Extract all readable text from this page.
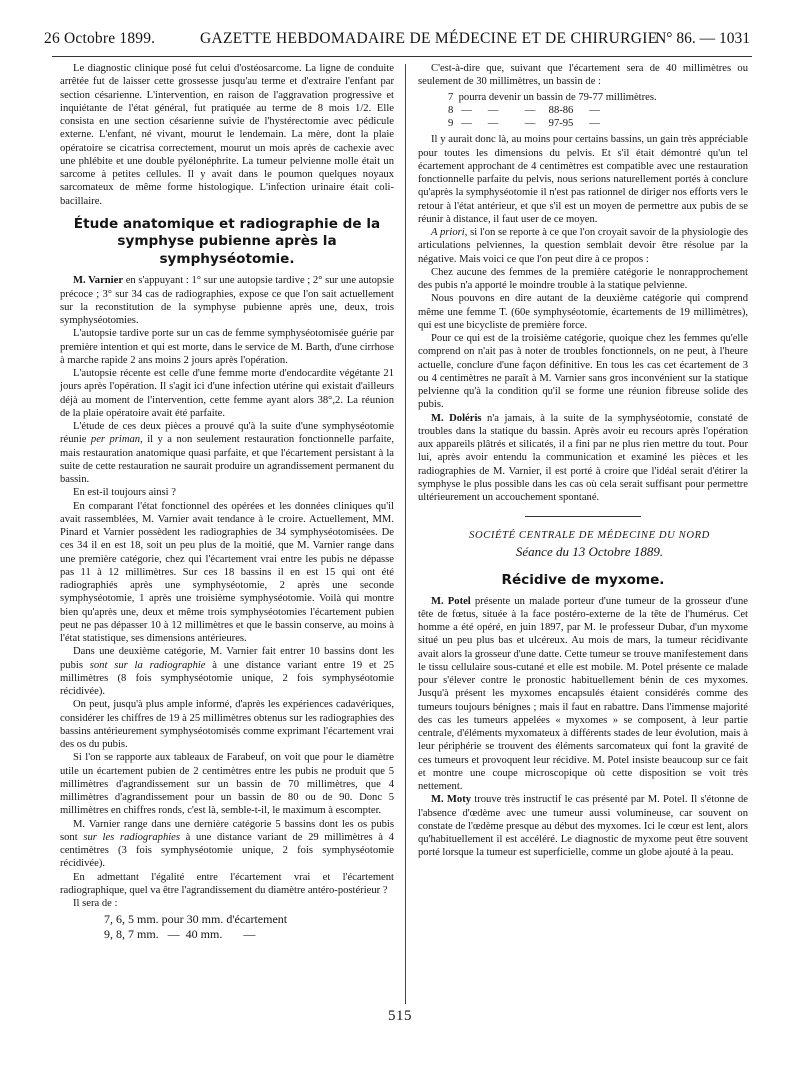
26 Octobre 1899.	GAZETTE HEBDOMADAIRE DE MÉDECINE ET DE CHIRURGIE
N° 86. — 1031

Le diagnostic clinique posé fut celui d'ostéosarcome. La ligne de conduite arrêtée fut de laisser cette grossesse jusqu'au terme et d'extraire l'enfant par section césarienne. L'intervention, en raison de l'aggravation progressive et inquiétante de l'état général, fut pratiquée au terme de 8 mois 1/2. Elle consista en une section césarienne suivie de l'hystérectomie avec pédicule externe. L'enfant, né vivant, mourut le lendemain. La mère, dont la plaie opératoire se cicatrisa correctement, mourut un mois après de cachexie avec une phlébite et une double pyélonéphrite. La tumeur pelvienne molle était un sarcome à petites cellules. Il y avait dans le poumon quelques noyaux sarcomateux de même forme histologique. L'infection urinaire était coli-bacillaire.

Étude anatomique et radiographie de la symphyse pubienne après la symphyséotomie.

M. Varnier en s'appuyant : 1° sur une autopsie tardive ; 2° sur une autopsie précoce ; 3° sur 34 cas de radiographies, expose ce que l'on sait actuellement sur la reconstitution de la symphyse pubienne après une, deux, trois symphyséotomies.

L'autopsie tardive porte sur un cas de femme symphyséotomisée guérie par première intention et qui est morte, dans le service de M. Barth, d'une cirrhose à marche rapide 2 ans moins 2 jours après l'opération.

L'autopsie récente est celle d'une femme morte d'endocardite végétante 21 jours après l'opération. Il s'agit ici d'une infection utérine qui existait d'ailleurs déjà au moment de l'intervention, cette femme ayant alors 38°,2. La réunion de la plaie opératoire avait été parfaite.

L'étude de ces deux pièces a prouvé qu'à la suite d'une symphyséotomie réunie per priman, il y a non seulement restauration fonctionnelle parfaite, mais restauration anatomique quasi parfaite, et que l'écartement persistant à la suite de cette restauration ne saurait produire un agrandissement permanent du bassin.

En est-il toujours ainsi ?

En comparant l'état fonctionnel des opérées et les données cliniques qu'il avait rassemblées, M. Varnier avait tendance à le croire. Actuellement, MM. Pinard et Varnier possèdent les radiographies de 34 symphyséotomisées. De ces 34 il en est 18, soit un peu plus de la moitié, que M. Varnier range dans une première catégorie, chez qui l'écartement vrai entre les pubis ne dépasse pas 11 à 12 millimètres. Sur ces 18 bassins il en est 15 qui ont été radiographiés après une symphyséotomie, 2 après une seconde symphyséotomie, 1 après une troisième symphyséotomie. Voilà qui montre bien qu'après une, deux et même trois symphyséotomies l'écartement pubien peut ne pas dépasser 10 à 12 millimètres et que le bassin conserve, au moins à l'état statistique, ses dimensions antérieures.

Dans une deuxième catégorie, M. Varnier fait entrer 10 bassins dont les pubis sont sur la radiographie à une distance variant entre 19 et 25 millimètres (8 fois symphyséotomie unique, 2 fois symphyséotomie récidivée).

On peut, jusqu'à plus ample informé, d'après les expériences cadavériques, considérer les chiffres de 19 à 25 millimètres obtenus sur les radiographies des bassins antérieurement symphyséotomisés comme exprimant l'écartement vrai des os du pubis.

Si l'on se rapporte aux tableaux de Farabeuf, on voit que pour le diamètre utile un écartement pubien de 2 centimètres entre les pubis ne produit que 5 millimètres d'agrandissement sur un bassin de 70 millimètres, que 4 millimètres d'agrandissement pour un bassin de 80 ou de 90. Donc 5 millimètres en chiffres ronds, c'est là, semble-t-il, le maximum à escompter.

M. Varnier range dans une dernière catégorie 5 bassins dont les os pubis sont sur les radiographies à une distance variant de 29 millimètres à 4 centimètres (3 fois symphyséotomie unique, 2 fois symphyséotomie récidivée).

En admettant l'égalité entre l'écartement vrai et l'écartement radiographique, quel va être l'agrandissement du diamètre antéro-postérieur ?

Il sera de :

7, 6, 5 mm. pour 30 mm. d'écartement
9, 8, 7 mm.   —  40 mm.       —

C'est-à-dire que, suivant que l'écartement sera de 40 millimètres ou seulement de 30 millimètres, un bassin de :

7  pourra devenir un bassin de 79-77 millimètres.
8   —      —          —     88-86      —
9   —      —          —     97-95      —

Il y aurait donc là, au moins pour certains bassins, un gain très appréciable pour toutes les dimensions du pelvis. Et s'il était démontré qu'un tel écartement approchant de 4 centimètres est compatible avec une restauration fonctionnelle parfaite du pelvis, nous serions naturellement portés à conclure qu'après la symphyséotomie il n'est pas rationnel de diriger nos efforts vers le retour à l'état antérieur, et que s'il est un moyen de permettre aux pubis de se réunir à distance, il faut user de ce moyen.

A priori, si l'on se reporte à ce que l'on croyait savoir de la physiologie des articulations pelviennes, la question semblait devoir être résolue par la négative. Mais voici ce que l'on peut dire à ce propos :

Chez aucune des femmes de la première catégorie le nonrapprochement des pubis n'a apporté le moindre trouble à la statique pelvienne.

Nous pouvons en dire autant de la deuxième catégorie qui comprend même une femme T. (60e symphyséotomie, écartements de 19 millimètres), qui est une bicycliste de première force.

Pour ce qui est de la troisième catégorie, quoique chez les femmes qu'elle comprend on n'ait pas à noter de troubles fonctionnels, on ne peut, à l'heure actuelle, conclure d'une façon définitive. En tous les cas cet écartement de 3 ou 4 centimètres ne paraît à M. Varnier sans gros inconvénient sur la statique pelvienne qu'à la condition qu'il se forme une réunion fibreuse solide des pubis.

M. Doléris n'a jamais, à la suite de la symphyséotomie, constaté de troubles dans la statique du bassin. Après avoir eu recours après l'opération aux appareils plâtrés et silicatés, il a fini par ne plus rien mettre du tout. Pour lui, après avoir entendu la communication et examiné les pièces et les radiographies de M. Varnier, il est porté à croire que l'idéal serait d'étirer la symphyse le plus possible dans les cas où cela serait suffisant pour permettre ultérieurement un accouchement spontané.

SOCIÉTÉ CENTRALE DE MÉDECINE DU NORD

Séance du 13 Octobre 1889.

Récidive de myxome.

M. Potel présente un malade porteur d'une tumeur de la grosseur d'une tête de fœtus, située à la face postéro-externe de la tête de l'humérus. Cet homme a été opéré, en juin 1897, par M. le professeur Dubar, d'un myxome situé un peu plus bas et ulcéreux. Au mois de mars, la tumeur récidivante avait alors la grosseur d'une datte. Cette tumeur se trouve manifestement dans le tissu cellulaire sous-cutané et elle est mobile. M. Potel présente ce malade pour s'élever contre le pronostic habituellement bénin de ces myxomes. Jusqu'à présent les myxomes encapsulés étaient considérés comme des tumeurs toujours bénignes ; mais il faut en rabattre. Dans l'immense majorité des cas les tumeurs appelées « myxomes » se composent, à leur partie centrale, d'éléments myxomateux à différents stades de leur évolution, mais à leur périphérie se trouvent des éléments sarcomateux qui font la gravité de ces tumeurs et provoquent leur récidive. M. Potel insiste beaucoup sur ce fait et montre une coupe microscopique où cette disposition se voit très nettement.

M. Moty trouve très instructif le cas présenté par M. Potel. Il s'étonne de l'absence d'œdème avec une tumeur aussi volumineuse, car souvent on constate de l'œdème presque au début des myxomes. Ici le cœur est lent, alors qu'habituellement il est accéléré. Le diagnostic de myxome peut être souvent porté lorsque la tumeur est superficielle, comme un globe ajouté à la peau.

515
